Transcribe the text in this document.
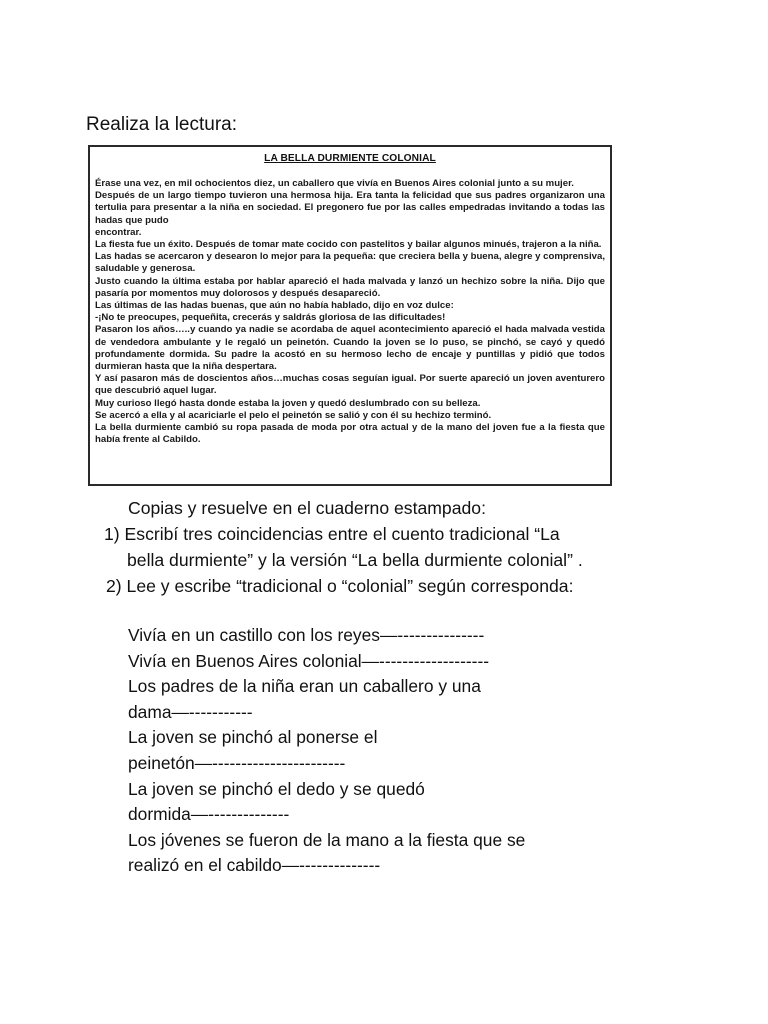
Realiza la lectura:
LA BELLA DURMIENTE COLONIAL

Érase una vez, en mil ochocientos diez, un caballero que vivía en Buenos Aires colonial junto a su mujer.

Después de un largo tiempo tuvieron una hermosa hija. Era tanta la felicidad que sus padres organizaron una tertulia para presentar a la niña en sociedad. El pregonero fue por las calles empedradas invitando a todas las hadas que pudo

encontrar.

La fiesta fue un éxito. Después de tomar mate cocido con pastelitos y bailar algunos minués, trajeron a la niña.

Las hadas se acercaron y desearon lo mejor para la pequeña: que creciera bella y buena, alegre y comprensiva, saludable y generosa.

Justo cuando la última estaba por hablar apareció el hada malvada y lanzó un hechizo sobre la niña. Dijo que pasaría por momentos muy dolorosos y después desapareció.

Las últimas de las hadas buenas, que aún no había hablado, dijo en voz dulce:

-¡No te preocupes, pequeñita, crecerás y saldrás gloriosa de las dificultades!

Pasaron los años…..y cuando ya nadie se acordaba de aquel acontecimiento apareció el hada malvada vestida de vendedora ambulante y le regaló un peinetón. Cuando la joven se lo puso, se pinchó, se cayó y quedó profundamente dormida. Su padre la acostó en su hermoso lecho de encaje y puntillas y pidió que todos durmieran hasta que la niña despertara.

Y así pasaron más de doscientos años…muchas cosas seguían igual. Por suerte apareció un joven aventurero que descubrió aquel lugar.

Muy curioso llegó hasta donde estaba la joven y quedó deslumbrado con su belleza.

Se acercó a ella y al acariciarle el pelo el peinetón se salió y con él su hechizo terminó.

La bella durmiente cambió su ropa pasada de moda por otra actual y de la mano del joven fue a la fiesta que había frente al Cabildo.

Copias y resuelve en el cuaderno estampado:
1) Escribí tres coincidencias entre el cuento tradicional “La
bella durmiente” y la versión “La bella durmiente colonial” .
2) Lee y escribe “tradicional o “colonial” según corresponda:
Vivía en un castillo con los reyes—---------------
Vivía en Buenos Aires colonial—-------------------
Los padres de la niña eran un caballero y una
dama—-----------
La joven se pinchó al ponerse el
peinetón—-----------------------
La joven se pinchó el dedo y se quedó
dormida—--------------
Los jóvenes se fueron de la mano a la fiesta que se
realizó en el cabildo—--------------
